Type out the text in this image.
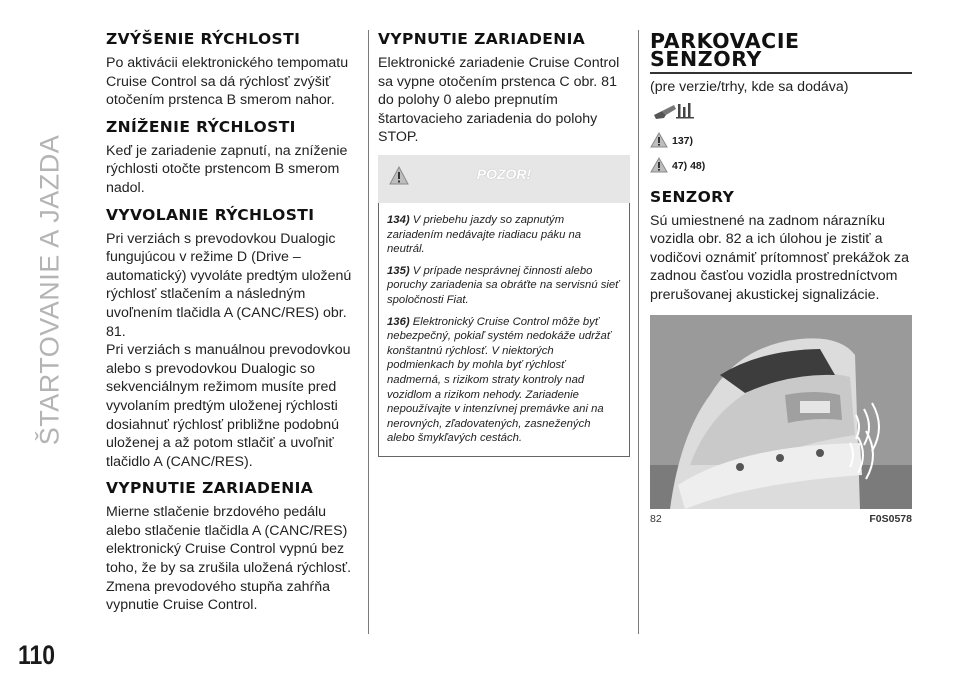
ŠTARTOVANIE A JAZDA
110
ZVÝŠENIE RÝCHLOSTI

Po aktivácii elektronického tempomatu Cruise Control sa dá rýchlosť zvýšiť otočením prstenca B smerom nahor.

ZNÍŽENIE RÝCHLOSTI

Keď je zariadenie zapnutí, na zníženie rýchlosti otočte prstencom B smerom nadol.

VYVOLANIE RÝCHLOSTI

Pri verziách s prevodovkou Dualogic fungujúcou v režime D (Drive – automatický) vyvoláte predtým uloženú rýchlosť stlačením a následným uvoľnením tlačidla A (CANC/RES) obr. 81.

Pri verziách s manuálnou prevodovkou alebo s prevodovkou Dualogic so sekvenciálnym režimom musíte pred vyvolaním predtým uloženej rýchlosti dosiahnuť rýchlosť približne podobnú uloženej a až potom stlačiť a uvoľniť tlačidlo A (CANC/RES).

VYPNUTIE ZARIADENIA

Mierne stlačenie brzdového pedálu alebo stlačenie tlačidla A (CANC/RES) elektronický Cruise Control vypnú bez toho, že by sa zrušila uložená rýchlosť.

Zmena prevodového stupňa zahŕňa vypnutie Cruise Control.

VYPNUTIE ZARIADENIA

Elektronické zariadenie Cruise Control sa vypne otočením prstenca C obr. 81 do polohy 0 alebo prepnutím štartovacieho zariadenia do polohy STOP.

POZOR!

134) V priebehu jazdy so zapnutým zariadením nedávajte riadiacu páku na neutrál.

135) V prípade nesprávnej činnosti alebo poruchy zariadenia sa obráťte na servisnú sieť spoločnosti Fiat.

136) Elektronický Cruise Control môže byť nebezpečný, pokiaľ systém nedokáže udržať konštantnú rýchlosť. V niektorých podmienkach by mohla byť rýchlosť nadmerná, s rizikom straty kontroly nad vozidlom a rizikom nehody. Zariadenie nepoužívajte v intenzívnej premávke ani na nerovných, zľadovatených, zasnežených alebo šmykľavých cestách.

PARKOVACIE
SENZORY

(pre verzie/trhy, kde sa dodáva)

137)
47) 48)
SENZORY

Sú umiestnené na zadnom nárazníku vozidla obr. 82 a ich úlohou je zistiť a vodičovi oznámiť prítomnosť prekážok za zadnou časťou vozidla prostredníctvom prerušovanej akustickej signalizácie.

82	F0S0578
